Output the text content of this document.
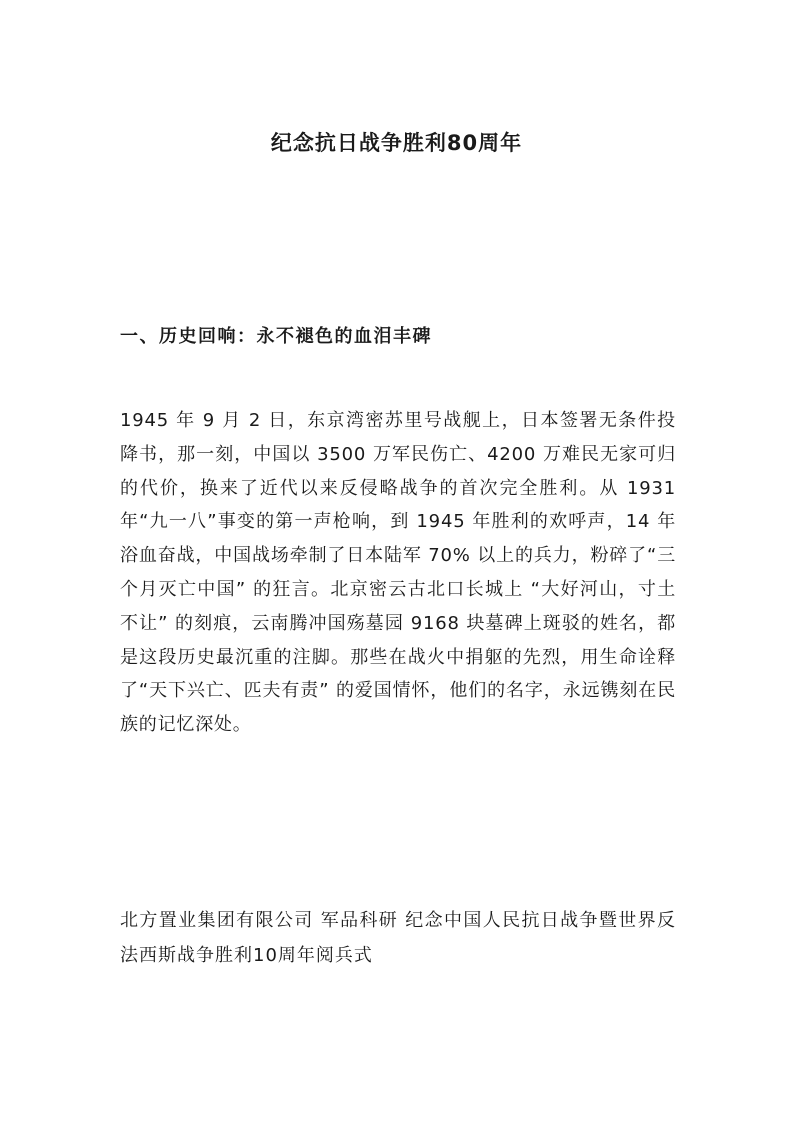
纪念抗日战争胜利80周年
一、历史回响：永不褪色的血泪丰碑

1945 年 9 月 2 日，东京湾密苏里号战舰上，日本签署无条件投降书，那一刻，中国以 3500 万军民伤亡、4200 万难民无家可归的代价，换来了近代以来反侵略战争的首次完全胜利。从 1931 年“九一八”事变的第一声枪响，到 1945 年胜利的欢呼声，14 年浴血奋战，中国战场牵制了日本陆军 70% 以上的兵力，粉碎了“三个月灭亡中国” 的狂言。北京密云古北口长城上 “大好河山，寸土不让” 的刻痕，云南腾冲国殇墓园 9168 块墓碑上斑驳的姓名，都是这段历史最沉重的注脚。那些在战火中捐躯的先烈，用生命诠释了“天下兴亡、匹夫有责” 的爱国情怀，他们的名字，永远镌刻在民族的记忆深处。

北方置业集团有限公司 军品科研 纪念中国人民抗日战争暨世界反法西斯战争胜利10周年阅兵式
